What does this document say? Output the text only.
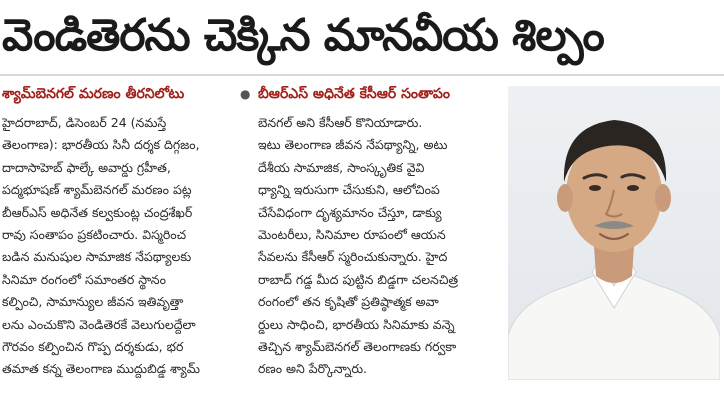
వెండితెరను చెక్కిన మానవీయ శిల్పం
శ్యామ్‌బెనగల్ మరణం తీరనిలోటు	● బీఆర్ఎస్ అధినేత కేసీఆర్ సంతాపం
హైదరాబాద్, డిసెంబర్ 24 (నమస్తే
తెలంగాణ): భారతీయ సినీ దర్శక దిగ్గజం,
దాదాసాహెబ్ ఫాల్కే అవార్డు గ్రహీత,
పద్మభూషణ్ శ్యామ్‌బెనగల్ మరణం పట్ల
బీఆర్ఎస్ అధినేత కల్వకుంట్ల చంద్రశేఖర్
రావు సంతాపం ప్రకటించారు. విస్మరించ
బడిన మనుషుల సామాజిక నేపథ్యాలకు
సినిమా రంగంలో సమాంతర స్థానం
కల్పించి, సామాన్యుల జీవన ఇతివృత్తా
లను ఎంచుకొని వెండితెరకే వెలుగులద్దేలా
గౌరవం కల్పించిన గొప్ప దర్శకుడు, భర
తమాత కన్న తెలంగాణ ముద్దుబిడ్డ శ్యామ్
బెనగల్ అని కేసీఆర్ కొనియాడారు.
ఇటు తెలంగాణ జీవన నేపథ్యాన్ని, అటు
దేశీయ సామాజిక, సాంస్కృతిక వైవి
ధ్యాన్ని ఇరుసుగా చేసుకుని, ఆలోచింప
చేసేవిధంగా దృశ్యమానం చేస్తూ, డాక్యు
మెంటరీలు, సినిమాల రూపంలో ఆయన
సేవలను కేసీఆర్ స్మరించుకున్నారు. హైద
రాబాద్ గడ్డ మీద పుట్టిన బిడ్డగా చలనచిత్ర
రంగంలో తన కృషితో ప్రతిష్ఠాత్మక అవా
ర్డులు సాధించి, భారతీయ సినిమాకు వన్నె
తెచ్చిన శ్యామ్‌బెనగల్ తెలంగాణకు గర్వకా
రణం అని పేర్కొన్నారు.
